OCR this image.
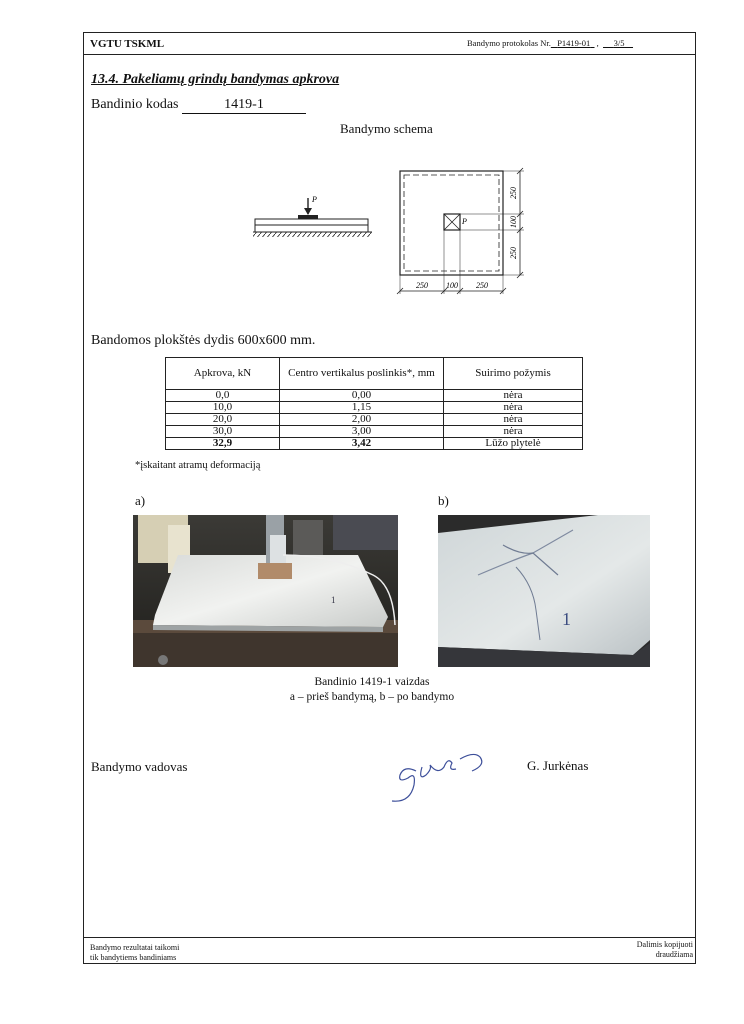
VGTU TSKML	Bandymo protokolas Nr. P1419-01   ,       3/5
13.4. Pakeliamų grindų bandymas apkrova
Bandinio kodas	1419-1
Bandymo schema
P
P
250
100
250
250 100 250
Bandomos plokštės dydis 600x600 mm.
Apkrova, kN	Centro vertikalus poslinkis*, mm	Suirimo požymis
0,0	0,00	nėra
10,0	1,15	nėra
20,0	2,00	nėra
30,0	3,00	nėra
32,9	3,42	Lūžo plytelė
*įskaitant atramų deformaciją
a)	b)
1
1
Bandinio 1419-1 vaizdas
a – prieš bandymą, b – po bandymo
Bandymo vadovas	G. Jurkėnas
Bandymo rezultatai taikomi
tik bandytiems bandiniams
Dalimis kopijuoti
draudžiama
